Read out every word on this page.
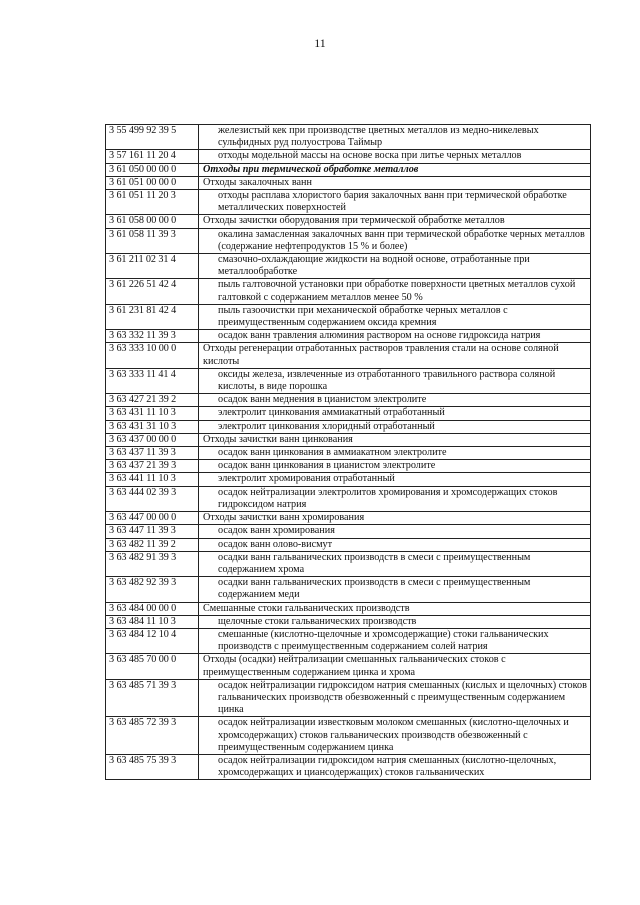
11
3 55 499 92 39 5	железистый кек при производстве цветных металлов из медно-никелевых сульфидных руд полуострова Таймыр
3 57 161 11 20 4	отходы модельной массы на основе воска при литье черных металлов
3 61 050 00 00 0	Отходы при термической обработке металлов
3 61 051 00 00 0	Отходы закалочных ванн
3 61 051 11 20 3	отходы расплава хлористого бария закалочных ванн при термической обработке металлических поверхностей
3 61 058 00 00 0	Отходы зачистки оборудования при термической обработке металлов
3 61 058 11 39 3	окалина замасленная закалочных ванн при термической обработке черных металлов (содержание нефтепродуктов 15 % и более)
3 61 211 02 31 4	смазочно-охлаждающие жидкости на водной основе, отработанные при металлообработке
3 61 226 51 42 4	пыль галтовочной установки при обработке поверхности цветных металлов сухой галтовкой с содержанием металлов менее 50 %
3 61 231 81 42 4	пыль газоочистки при механической обработке черных металлов с преимущественным содержанием оксида кремния
3 63 332 11 39 3	осадок ванн травления алюминия раствором на основе гидроксида натрия
3 63 333 10 00 0	Отходы регенерации отработанных растворов травления стали на основе соляной кислоты
3 63 333 11 41 4	оксиды железа, извлеченные из отработанного травильного раствора соляной кислоты, в виде порошка
3 63 427 21 39 2	осадок ванн меднения в цианистом электролите
3 63 431 11 10 3	электролит цинкования аммиакатный отработанный
3 63 431 31 10 3	электролит цинкования хлоридный отработанный
3 63 437 00 00 0	Отходы зачистки ванн цинкования
3 63 437 11 39 3	осадок ванн цинкования в аммиакатном электролите
3 63 437 21 39 3	осадок ванн цинкования в цианистом электролите
3 63 441 11 10 3	электролит хромирования отработанный
3 63 444 02 39 3	осадок нейтрализации электролитов хромирования и хромсодержащих стоков гидроксидом натрия
3 63 447 00 00 0	Отходы зачистки ванн хромирования
3 63 447 11 39 3	осадок ванн хромирования
3 63 482 11 39 2	осадок ванн олово-висмут
3 63 482 91 39 3	осадки ванн гальванических производств в смеси с преимущественным содержанием хрома
3 63 482 92 39 3	осадки ванн гальванических производств в смеси с преимущественным содержанием меди
3 63 484 00 00 0	Смешанные стоки гальванических производств
3 63 484 11 10 3	щелочные стоки гальванических производств
3 63 484 12 10 4	смешанные (кислотно-щелочные и хромсодержащие) стоки гальванических производств с преимущественным содержанием солей натрия
3 63 485 70 00 0	Отходы (осадки) нейтрализации смешанных гальванических стоков с преимущественным содержанием цинка и хрома
3 63 485 71 39 3	осадок нейтрализации гидроксидом натрия смешанных (кислых и щелочных) стоков гальванических производств обезвоженный с преимущественным содержанием цинка
3 63 485 72 39 3	осадок нейтрализации известковым молоком смешанных (кислотно-щелочных и хромсодержащих) стоков гальванических производств обезвоженный с преимущественным содержанием цинка
3 63 485 75 39 3	осадок нейтрализации гидроксидом натрия смешанных (кислотно-щелочных, хромсодержащих и циансодержащих) стоков гальванических
